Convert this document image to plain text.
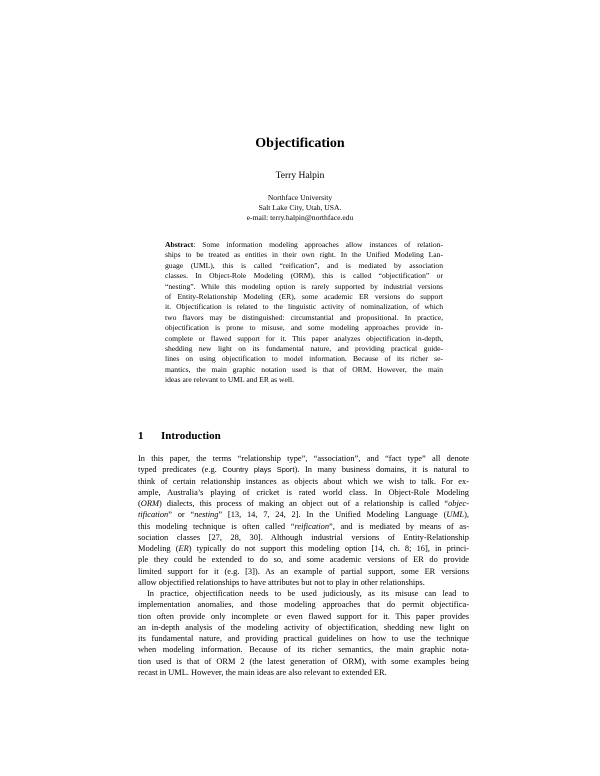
Objectification
Terry Halpin
Northface University
Salt Lake City, Utah, USA.
e-mail: terry.halpin@northface.edu
Abstract: Some information modeling approaches allow instances of relation-
ships to be treated as entities in their own right. In the Unified Modeling Lan-
guage (UML), this is called “reification”, and is mediated by association
classes. In Object-Role Modeling (ORM), this is called “objectification” or
“nesting”. While this modeling option is rarely supported by industrial versions
of Entity-Relationship Modeling (ER), some academic ER versions do support
it. Objectification is related to the linguistic activity of nominalization, of which
two flavors may be distinguished: circumstantial and propositional. In practice,
objectification is prone to misuse, and some modeling approaches provide in-
complete or flawed support for it. This paper analyzes objectification in-depth,
shedding new light on its fundamental nature, and providing practical guide-
lines on using objectification to model information. Because of its richer se-
mantics, the main graphic notation used is that of ORM. However, the main
ideas are relevant to UML and ER as well.
1 Introduction
In this paper, the terms “relationship type”, “association”, and “fact type” all denote
typed predicates (e.g. Country plays Sport). In many business domains, it is natural to
think of certain relationship instances as objects about which we wish to talk. For ex-
ample, Australia’s playing of cricket is rated world class. In Object-Role Modeling
(ORM) dialects, this process of making an object out of a relationship is called “objec-
tification” or “nesting” [13, 14, 7, 24, 2]. In the Unified Modeling Language (UML),
this modeling technique is often called “reification”, and is mediated by means of as-
sociation classes [27, 28, 30]. Although industrial versions of Entity-Relationship
Modeling (ER) typically do not support this modeling option [14, ch. 8; 16], in princi-
ple they could be extended to do so, and some academic versions of ER do provide
limited support for it (e.g. [3]). As an example of partial support, some ER versions
allow objectified relationships to have attributes but not to play in other relationships.
In practice, objectification needs to be used judiciously, as its misuse can lead to
implementation anomalies, and those modeling approaches that do permit objectifica-
tion often provide only incomplete or even flawed support for it. This paper provides
an in-depth analysis of the modeling activity of objectification, shedding new light on
its fundamental nature, and providing practical guidelines on how to use the technique
when modeling information. Because of its richer semantics, the main graphic nota-
tion used is that of ORM 2 (the latest generation of ORM), with some examples being
recast in UML. However, the main ideas are also relevant to extended ER.
